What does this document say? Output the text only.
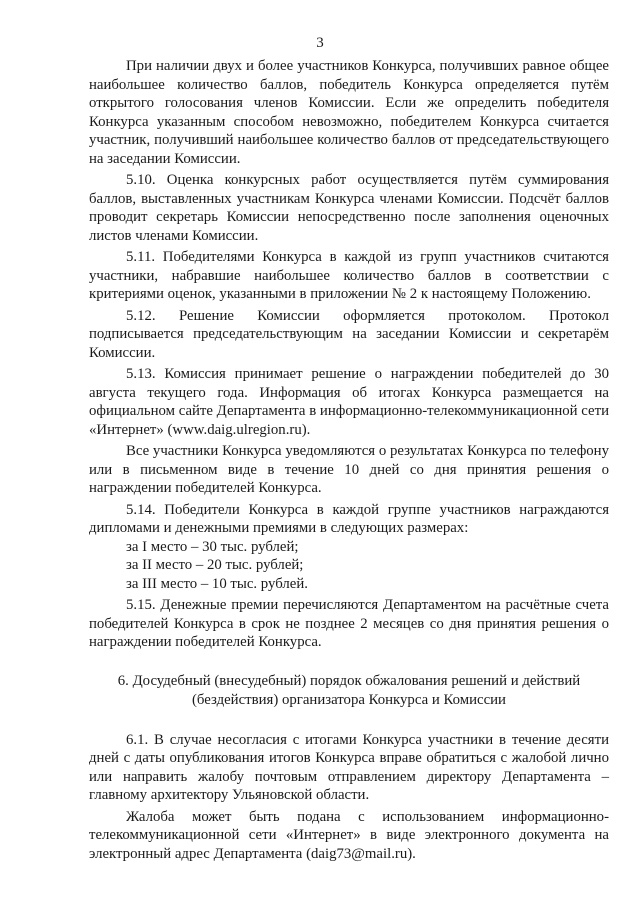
3

При наличии двух и более участников Конкурса, получивших равное общее наибольшее количество баллов, победитель Конкурса определяется путём открытого голосования членов Комиссии. Если же определить победителя Конкурса указанным способом невозможно, победителем Конкурса считается участник, получивший наибольшее количество баллов от председательствующего на заседании Комиссии.

5.10. Оценка конкурсных работ осуществляется путём суммирования баллов, выставленных участникам Конкурса членами Комиссии. Подсчёт баллов проводит секретарь Комиссии непосредственно после заполнения оценочных листов членами Комиссии.

5.11. Победителями Конкурса в каждой из групп участников считаются участники, набравшие наибольшее количество баллов в соответствии с критериями оценок, указанными в приложении № 2 к настоящему Положению.

5.12. Решение Комиссии оформляется протоколом. Протокол подписывается председательствующим на заседании Комиссии и секретарём Комиссии.

5.13. Комиссия принимает решение о награждении победителей до 30 августа текущего года. Информация об итогах Конкурса размещается на официальном сайте Департамента в информационно-телекоммуникационной сети «Интернет» (www.daig.ulregion.ru).

Все участники Конкурса уведомляются о результатах Конкурса по телефону или в письменном виде в течение 10 дней со дня принятия решения о награждении победителей Конкурса.

5.14. Победители Конкурса в каждой группе участников награждаются дипломами и денежными премиями в следующих размерах:

за I место – 30 тыс. рублей;

за II место – 20 тыс. рублей;

за III место – 10 тыс. рублей.

5.15. Денежные премии перечисляются Департаментом на расчётные счета победителей Конкурса в срок не позднее 2 месяцев со дня принятия решения о награждении победителей Конкурса.

6. Досудебный (внесудебный) порядок обжалования решений и действий
(бездействия) организатора Конкурса и Комиссии

6.1. В случае несогласия с итогами Конкурса участники в течение десяти дней с даты опубликования итогов Конкурса вправе обратиться с жалобой лично или направить жалобу почтовым отправлением директору Департамента – главному архитектору Ульяновской области.

Жалоба может быть подана с использованием информационно-телекоммуникационной сети «Интернет» в виде электронного документа на электронный адрес Департамента (daig73@mail.ru).
